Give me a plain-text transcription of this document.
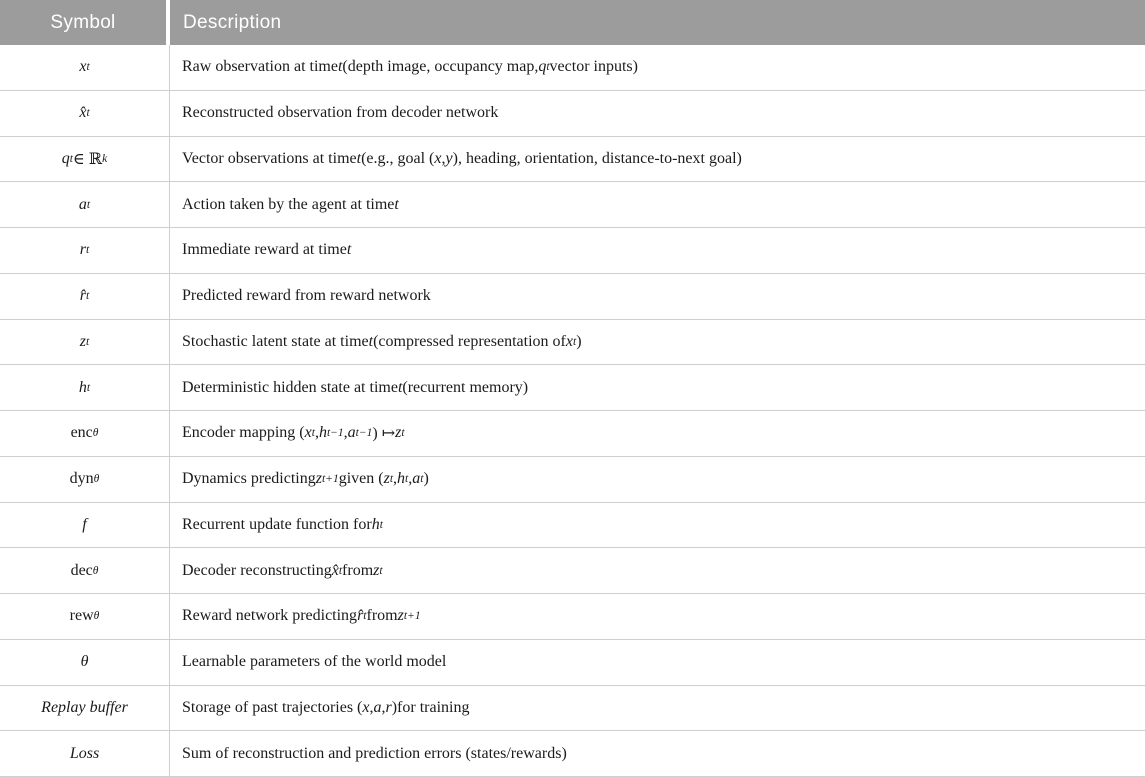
Symbol	Description
x t	Raw observation at time t (depth image, occupancy map, q t vector inputs)
x̂ t	Reconstructed observation from decoder network
q t ∈ ℝ k	Vector observations at time t (e.g., goal ( x , y ), heading, orientation, distance-to-next goal)
a t	Action taken by the agent at time t
r t	Immediate reward at time t
r̂ t	Predicted reward from reward network
z t	Stochastic latent state at time t (compressed representation of x t )
h t	Deterministic hidden state at time t (recurrent memory)
enc θ	Encoder mapping ( x t , h t−1 , a t−1 ) ↦ z t
dyn θ	Dynamics predicting z t+1 given ( z t , h t , a t )
f	Recurrent update function for h t
dec θ	Decoder reconstructing x̂ t from z t
rew θ	Reward network predicting r̂ t from z t+1
θ	Learnable parameters of the world model
Replay buffer	Storage of past trajectories ( x , a , r )for training
Loss	Sum of reconstruction and prediction errors (states/rewards)
